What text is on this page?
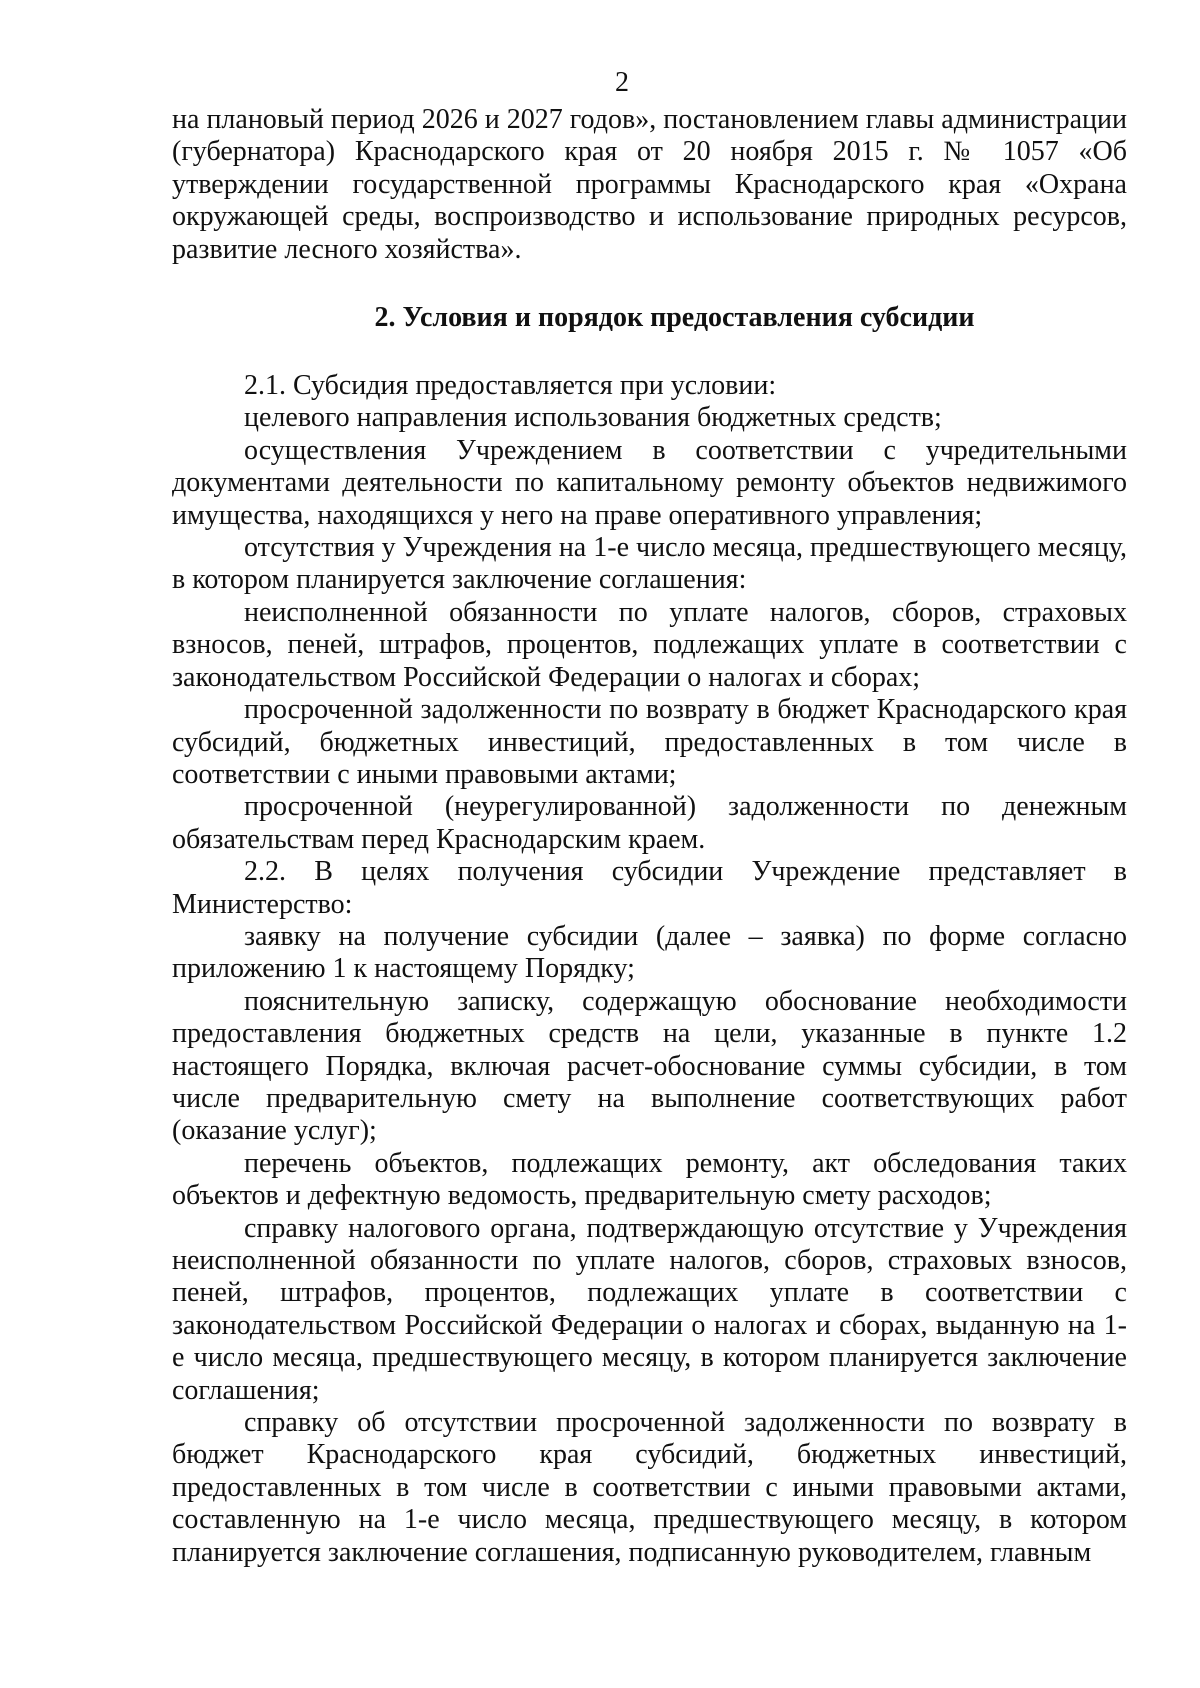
2

на плановый период 2026 и 2027 годов», постановлением главы администрации (губернатора) Краснодарского края от 20 ноября 2015 г. № 1057 «Об утверждении государственной программы Краснодарского края «Охрана окружающей среды, воспроизводство и использование природных ресурсов, развитие лесного хозяйства».

2. Условия и порядок предоставления субсидии

2.1. Субсидия предоставляется при условии:

целевого направления использования бюджетных средств;

осуществления Учреждением в соответствии с учредительными документами деятельности по капитальному ремонту объектов недвижимого имущества, находящихся у него на праве оперативного управления;

отсутствия у Учреждения на 1-е число месяца, предшествующего месяцу, в котором планируется заключение соглашения:

неисполненной обязанности по уплате налогов, сборов, страховых взносов, пеней, штрафов, процентов, подлежащих уплате в соответствии с законодательством Российской Федерации о налогах и сборах;

просроченной задолженности по возврату в бюджет Краснодарского края субсидий, бюджетных инвестиций, предоставленных в том числе в соответствии с иными правовыми актами;

просроченной (неурегулированной) задолженности по денежным обязательствам перед Краснодарским краем.

2.2. В целях получения субсидии Учреждение представляет в Министерство:

заявку на получение субсидии (далее – заявка) по форме согласно приложению 1 к настоящему Порядку;

пояснительную записку, содержащую обоснование необходимости предоставления бюджетных средств на цели, указанные в пункте 1.2 настоящего Порядка, включая расчет-обоснование суммы субсидии, в том числе предварительную смету на выполнение соответствующих работ (оказание услуг);

перечень объектов, подлежащих ремонту, акт обследования таких объектов и дефектную ведомость, предварительную смету расходов;

справку налогового органа, подтверждающую отсутствие у Учреждения неисполненной обязанности по уплате налогов, сборов, страховых взносов, пеней, штрафов, процентов, подлежащих уплате в соответствии с законодательством Российской Федерации о налогах и сборах, выданную на 1-е число месяца, предшествующего месяцу, в котором планируется заключение соглашения;

справку об отсутствии просроченной задолженности по возврату в бюджет Краснодарского края субсидий, бюджетных инвестиций, предоставленных в том числе в соответствии с иными правовыми актами, составленную на 1-е число месяца, предшествующего месяцу, в котором планируется заключение соглашения, подписанную руководителем, главным
